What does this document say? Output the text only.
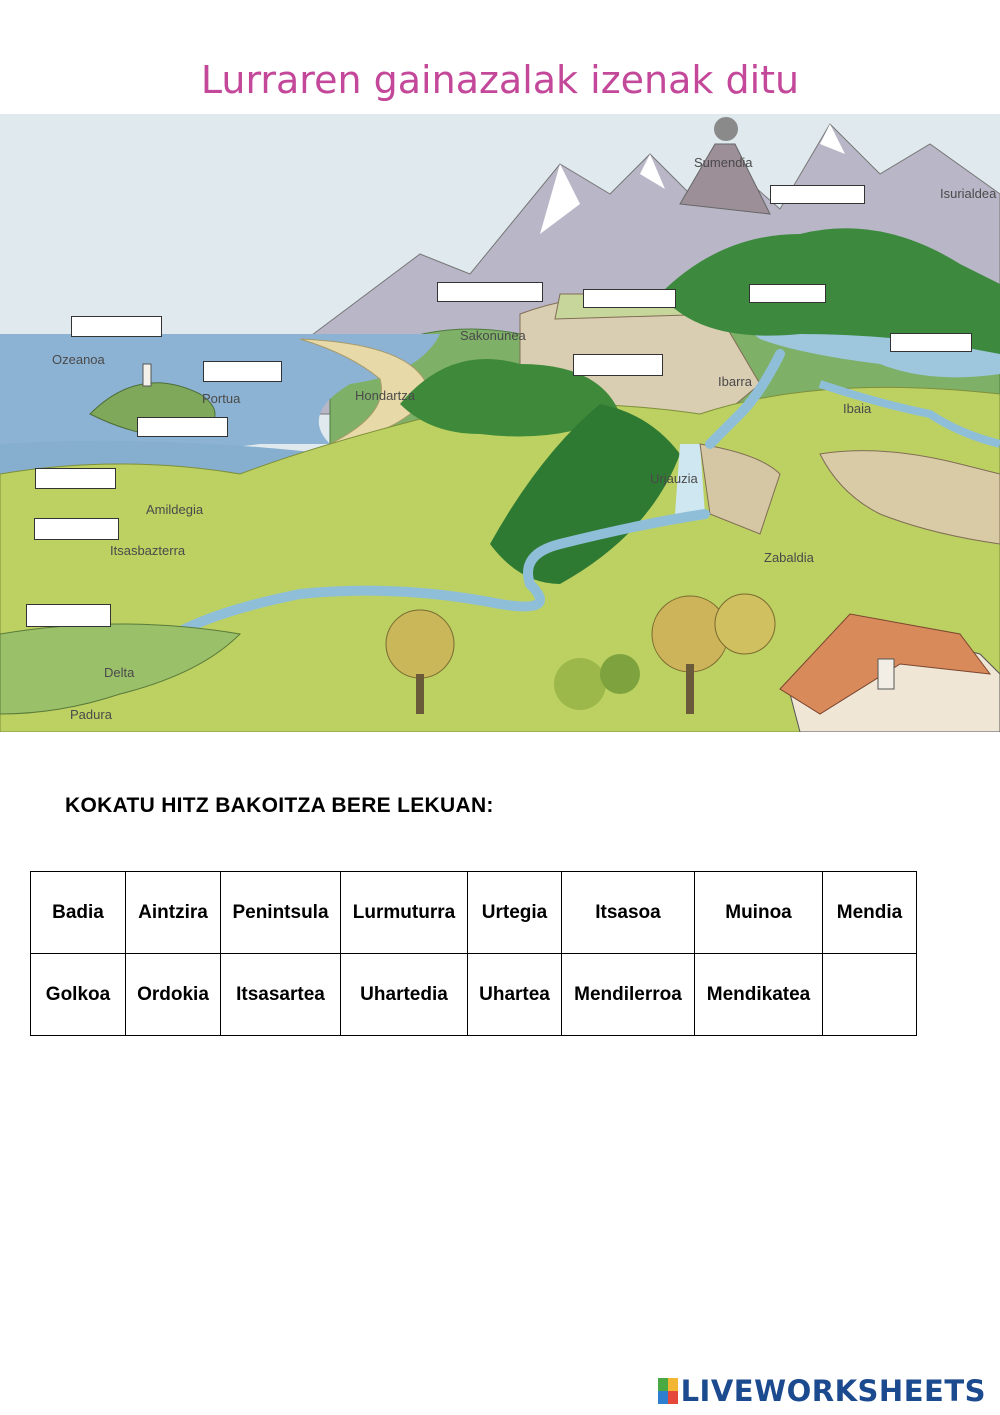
Lurraren gainazalak izenak ditu
Sumendia
Isurialdea
Sakonunea
Ozeanoa
Portua	Hondartza
Ibarra
Ibaia
Urjauzia
Amildegia
Itsasbazterra	Zabaldia
Delta
Padura
KOKATU HITZ BAKOITZA BERE LEKUAN:
Badia	Aintzira	Penintsula	Lurmuturra	Urtegia	Itsasoa	Muinoa	Mendia
Golkoa	Ordokia	Itsasartea	Uhartedia	Uhartea	Mendilerroa	Mendikatea	
LIVEWORKSHEETS
